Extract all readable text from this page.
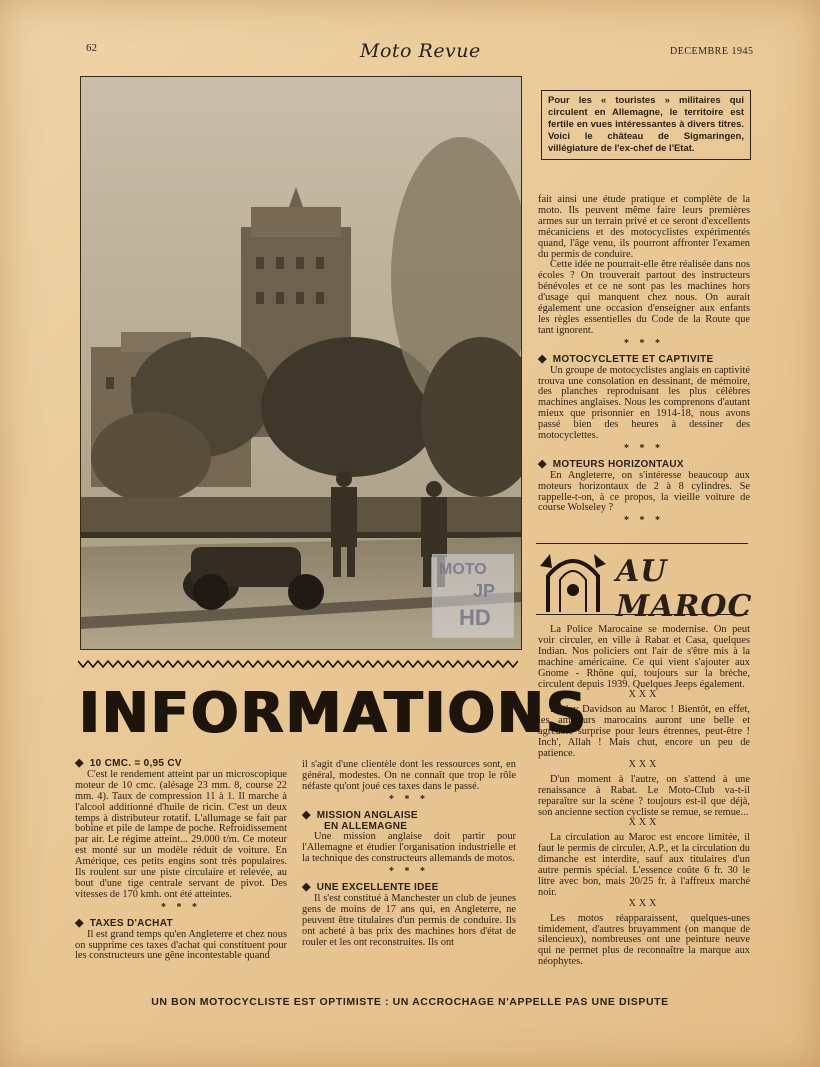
62	Moto Revue	DECEMBRE 1945
MOTO
JP
HD
Pour les « touristes » militaires qui circulent en Allemagne, le territoire est fertile en vues intéressantes à divers titres. Voici le château de Sigmaringen, villégiature de l'ex-chef de l'Etat.

fait ainsi une étude pratique et complète de la moto. Ils peuvent même faire leurs premières armes sur un terrain privé et ce seront d'excellents mécaniciens et des motocyclistes expérimentés quand, l'âge venu, ils pourront affronter l'examen du permis de conduire.

Cette idée ne pourrait-elle être réalisée dans nos écoles ? On trouverait partout des instructeurs bénévoles et ce ne sont pas les machines hors d'usage qui manquent chez nous. On aurait également une occasion d'enseigner aux enfants les règles essentielles du Code de la Route que tant ignorent.

* * *
◆ MOTOCYCLETTE ET CAPTIVITE

Un groupe de motocyclistes anglais en captivité trouva une consolation en dessinant, de mémoire, des planches reproduisant les plus célèbres machines anglaises. Nous les comprenons d'autant mieux que prisonnier en 1914-18, nous avons passé bien des heures à dessiner des motocyclettes.

* * *
◆ MOTEURS HORIZONTAUX

En Angleterre, on s'intéresse beaucoup aux moteurs horizontaux de 2 à 8 cylindres. Se rappelle-t-on, à ce propos, la vieille voiture de course Wolseley ?

* * *
AU MAROC

La Police Marocaine se modernise. On peut voir circuler, en ville à Rabat et Casa, quelques Indian. Nos policiers ont l'air de s'être mis à la machine américaine. Ce qui vient s'ajouter aux Gnome - Rhône qui, toujours sur la brèche, circulent depuis 1939. Quelques Jeeps également.

XXX

Harley Davidson au Maroc ! Bientôt, en effet, les amateurs marocains auront une belle et agréable surprise pour leurs étrennes, peut-être ! Inch', Allah ! Mais chut, encore un peu de patience.

XXX

D'un moment à l'autre, on s'attend à une renaissance à Rabat. Le Moto-Club va-t-il reparaître sur la scène ? toujours est-il que déjà, son ancienne section cycliste se remue, se remue...

XXX

La circulation au Maroc est encore limitée, il faut le permis de circuler, A.P., et la circulation du dimanche est interdite, sauf aux titulaires d'un autre permis spécial. L'essence coûte 6 fr. 30 le litre avec bon, mais 20/25 fr. à l'affreux marché noir.

XXX

Les motos réapparaissent, quelques-unes timidement, d'autres bruyamment (on manque de silencieux), nombreuses ont une peinture neuve qui ne permet plus de reconnaître la marque aux néophytes.

INFORMATIONS
◆ 10 CMC. = 0,95 CV

C'est le rendement atteint par un microscopique moteur de 10 cmc. (alésage 23 mm. 8, course 22 mm. 4). Taux de compression 11 à 1. Il marche à l'alcool additionné d'huile de ricin. C'est un deux temps à distributeur rotatif. L'allumage se fait par bobine et pile de lampe de poche. Refroidissement par air. Le régime atteint... 29.000 t/m. Ce moteur est monté sur un modèle réduit de voiture. En Amérique, ces petits engins sont très populaires. Ils roulent sur une piste circulaire et relevée, au bout d'une tige centrale servant de pivot. Des vitesses de 170 kmh. ont été atteintes.

* * *
◆ TAXES D'ACHAT

Il est grand temps qu'en Angleterre et chez nous on supprime ces taxes d'achat qui constituent pour les constructeurs une gêne incontestable quand

il s'agit d'une clientèle dont les ressources sont, en général, modestes. On ne connaît que trop le rôle néfaste qu'ont joué ces taxes dans le passé.

* * *
◆ MISSION ANGLAISE
EN ALLEMAGNE

Une mission anglaise doit partir pour l'Allemagne et étudier l'organisation industrielle et la technique des constructeurs allemands de motos.

* * *
◆ UNE EXCELLENTE IDEE

Il s'est constitué à Manchester un club de jeunes gens de moins de 17 ans qui, en Angleterre, ne peuvent être titulaires d'un permis de conduire. Ils ont acheté à bas prix des machines hors d'état de rouler et les ont reconstruites. Ils ont

UN BON MOTOCYCLISTE EST OPTIMISTE : UN ACCROCHAGE N'APPELLE PAS UNE DISPUTE
